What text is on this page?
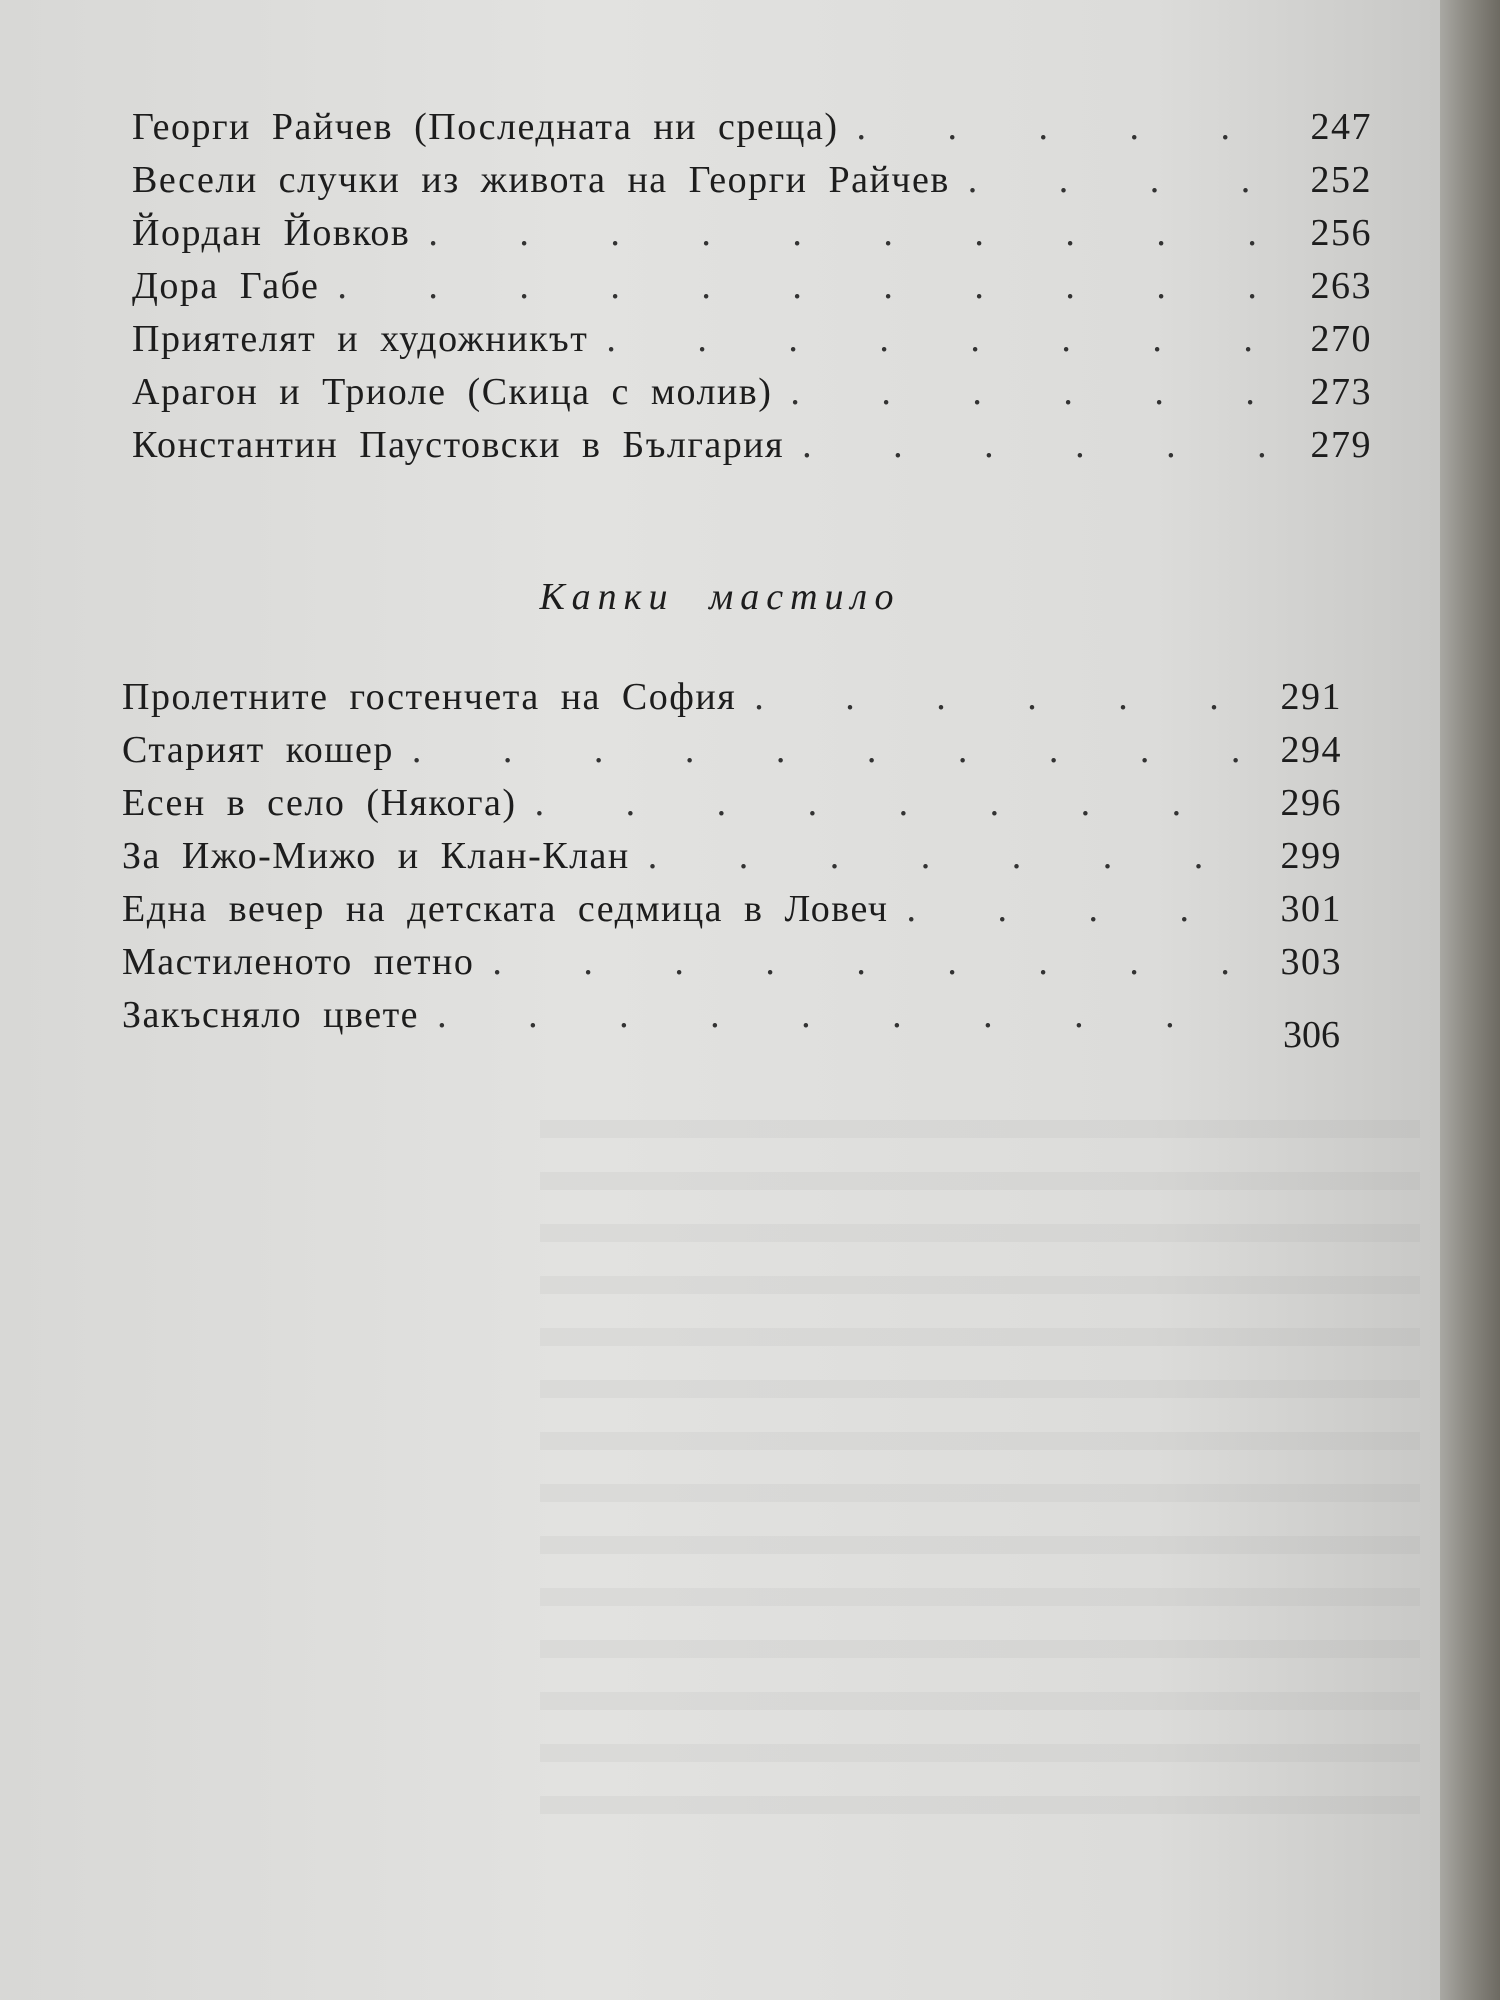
Георги Райчев (Последната ни среща) . . .	247
Весели случки из живота на Георги Райчев . . .	252
Йордан Йовков . . .	256
Дора Габе . . .	263
Приятелят и художникът . . .	270
Арагон и Триоле (Скица с молив) . . .	273
Константин Паустовски в България . . .	279
Капки мастило
Пролетните гостенчета на София . . .	291
Старият кошер . . .	294
Есен в село (Някога) . . .	296
За Ижо-Мижо и Клан-Клан . . .	299
Една вечер на детската седмица в Ловеч . . .	301
Мастиленото петно . . .	303
Закъсняло цвете . . .	306
